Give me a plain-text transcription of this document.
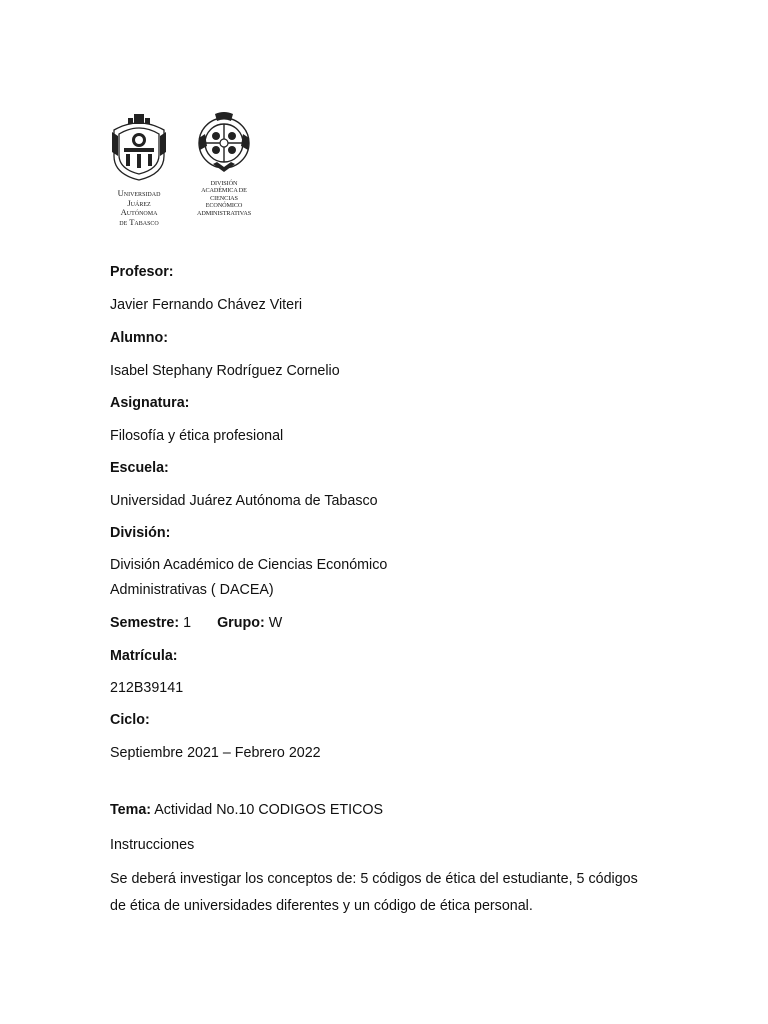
Universidad
Juárez
Autónoma
de Tabasco
DIVISIÓN
ACADÉMICA DE
CIENCIAS
ECONÓMICO
ADMINISTRATIVAS
Profesor:
Javier Fernando Chávez Viteri
Alumno:
Isabel Stephany Rodríguez Cornelio
Asignatura:
Filosofía y ética profesional
Escuela:
Universidad Juárez Autónoma de Tabasco
División:
División Académico de Ciencias Económico
Administrativas ( DACEA)
Semestre: 1 Grupo: W
Matrícula:
212B39141
Ciclo:
Septiembre 2021 – Febrero 2022
Tema: Actividad No.10 CODIGOS ETICOS
Instrucciones
Se deberá investigar los conceptos de: 5 códigos de ética del estudiante, 5 códigos de ética de universidades diferentes y un código de ética personal.
